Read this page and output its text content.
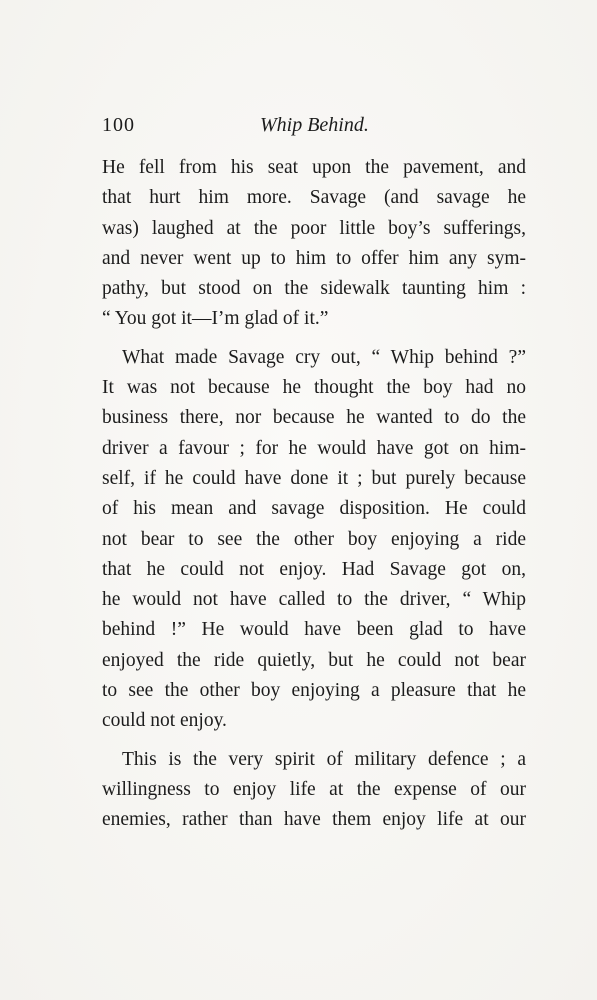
100	Whip Behind.
He fell from his seat upon the pavement, and
that hurt him more. Savage (and savage he
was) laughed at the poor little boy’s sufferings,
and never went up to him to offer him any sym-
pathy, but stood on the sidewalk taunting him :
“ You got it—I’m glad of it.”
What made Savage cry out, “ Whip behind ?”
It was not because he thought the boy had no
business there, nor because he wanted to do the
driver a favour ; for he would have got on him-
self, if he could have done it ; but purely because
of his mean and savage disposition. He could
not bear to see the other boy enjoying a ride
that he could not enjoy. Had Savage got on,
he would not have called to the driver, “ Whip
behind !” He would have been glad to have
enjoyed the ride quietly, but he could not bear
to see the other boy enjoying a pleasure that he
could not enjoy.
This is the very spirit of military defence ; a
willingness to enjoy life at the expense of our
enemies, rather than have them enjoy life at our
